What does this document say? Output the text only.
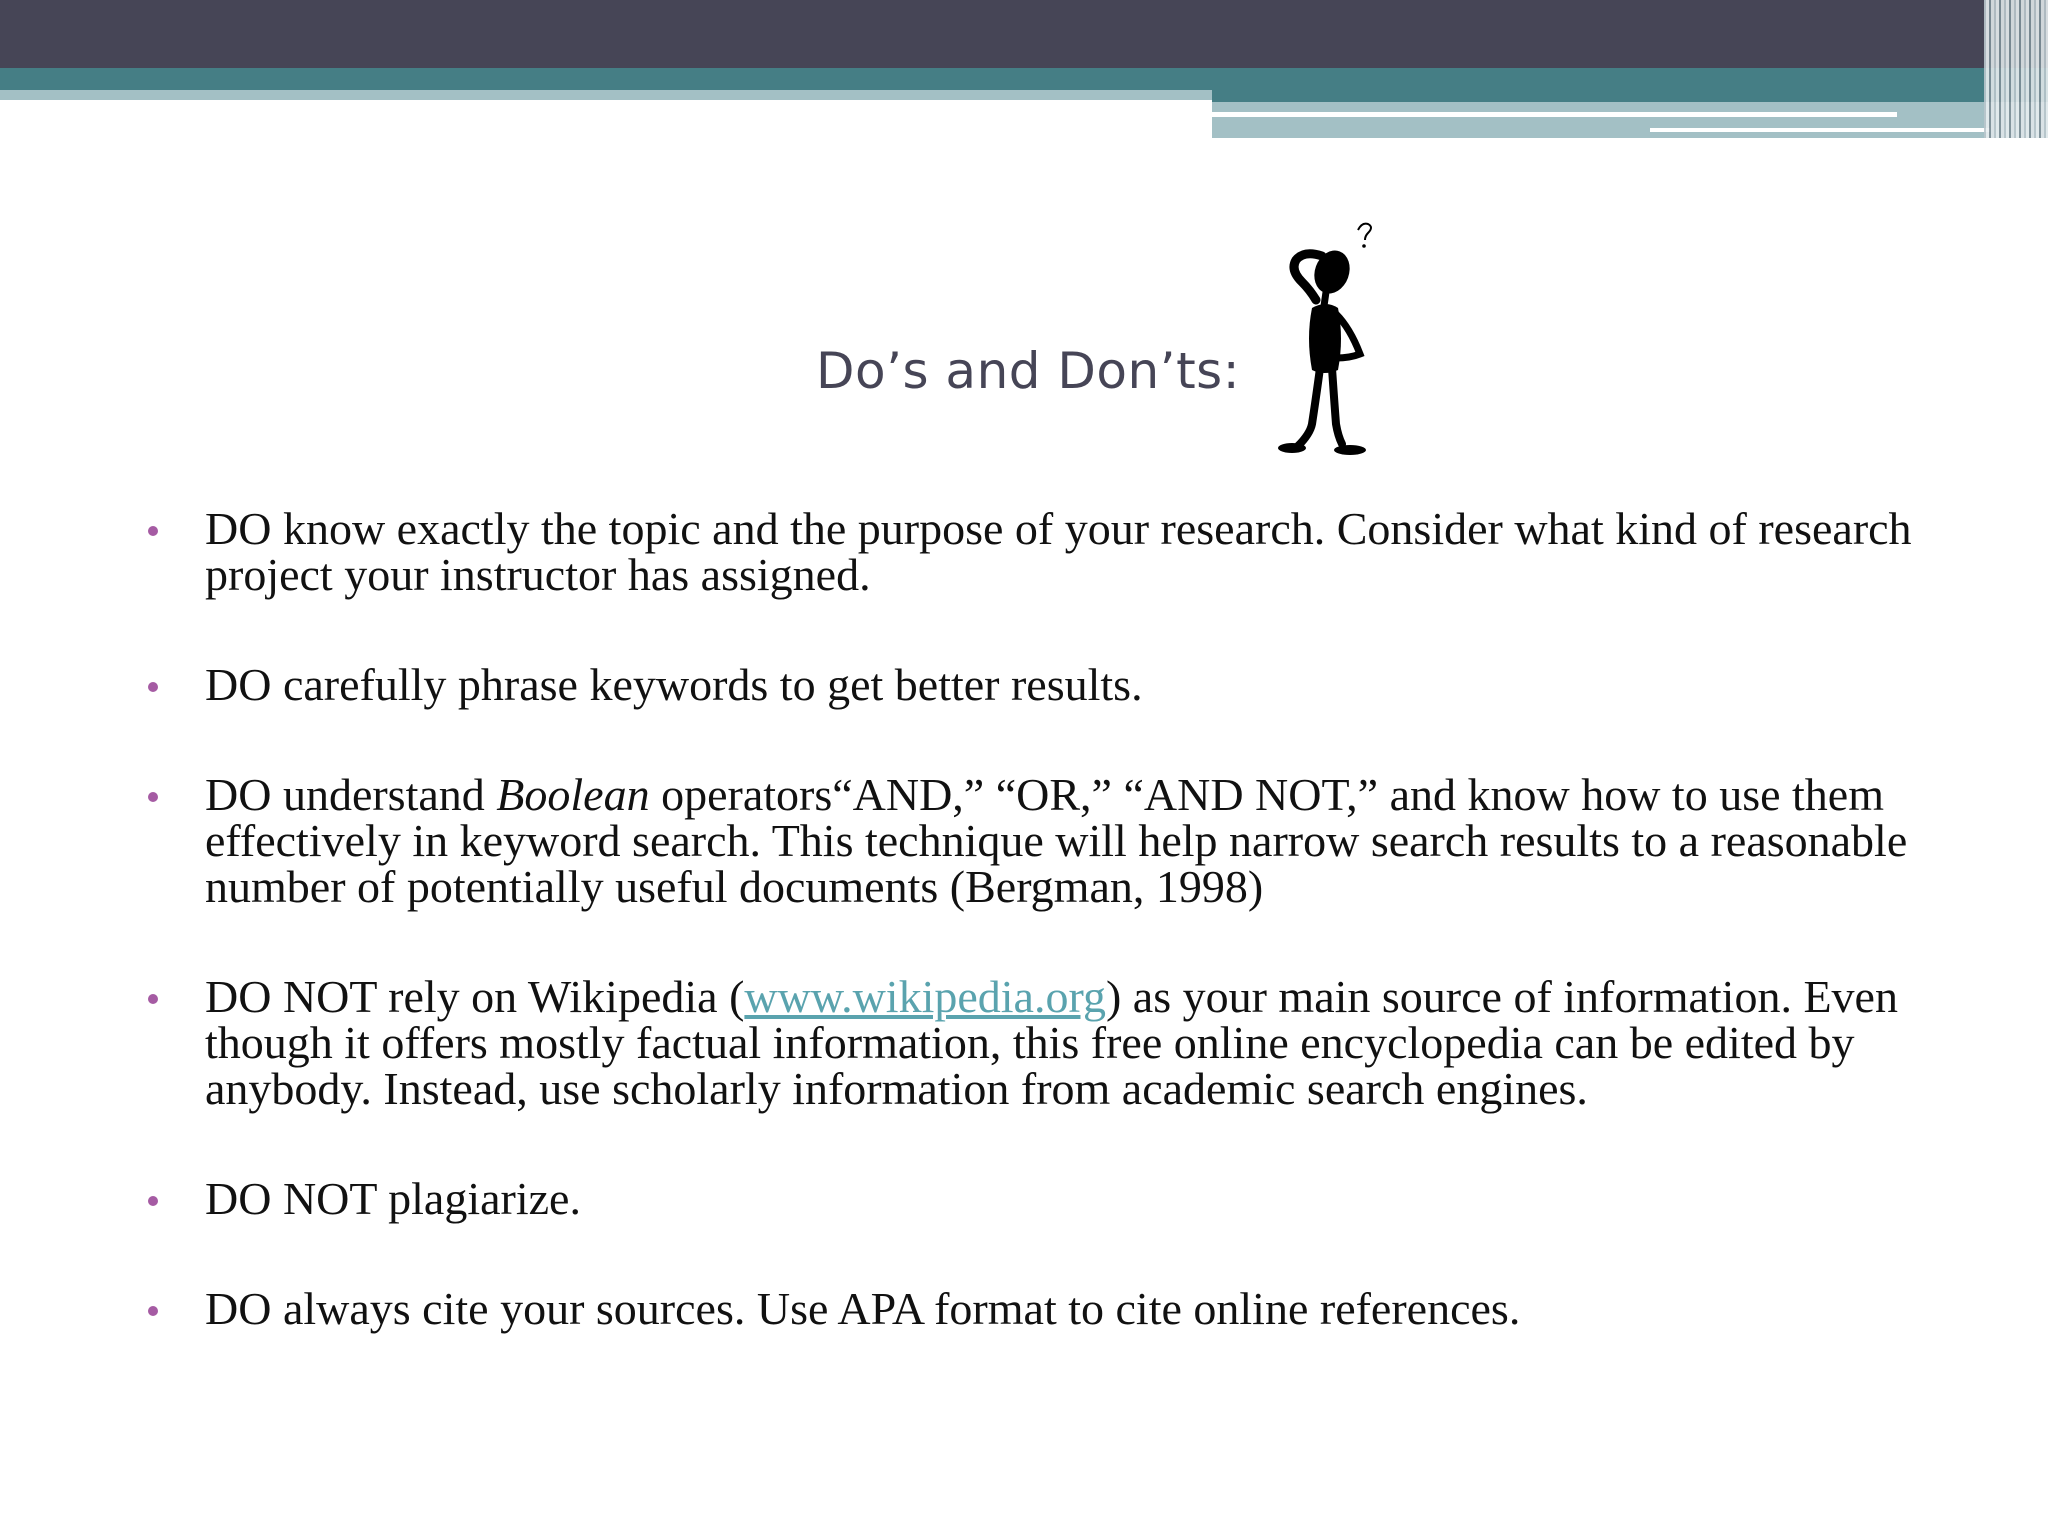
Do’s and Don’ts:
DO know exactly the topic and the purpose of your research. Consider what kind of research project your instructor has assigned.
DO carefully phrase keywords to get better results.
DO understand Boolean operators“AND,” “OR,” “AND NOT,” and know how to use them effectively in keyword search. This technique will help narrow search results to a reasonable number of potentially useful documents (Bergman, 1998)
DO NOT rely on Wikipedia (www.wikipedia.org) as your main source of information. Even though it offers mostly factual information, this free online encyclopedia can be edited by anybody. Instead, use scholarly information from academic search engines.
DO NOT plagiarize.
DO always cite your sources. Use APA format to cite online references.
